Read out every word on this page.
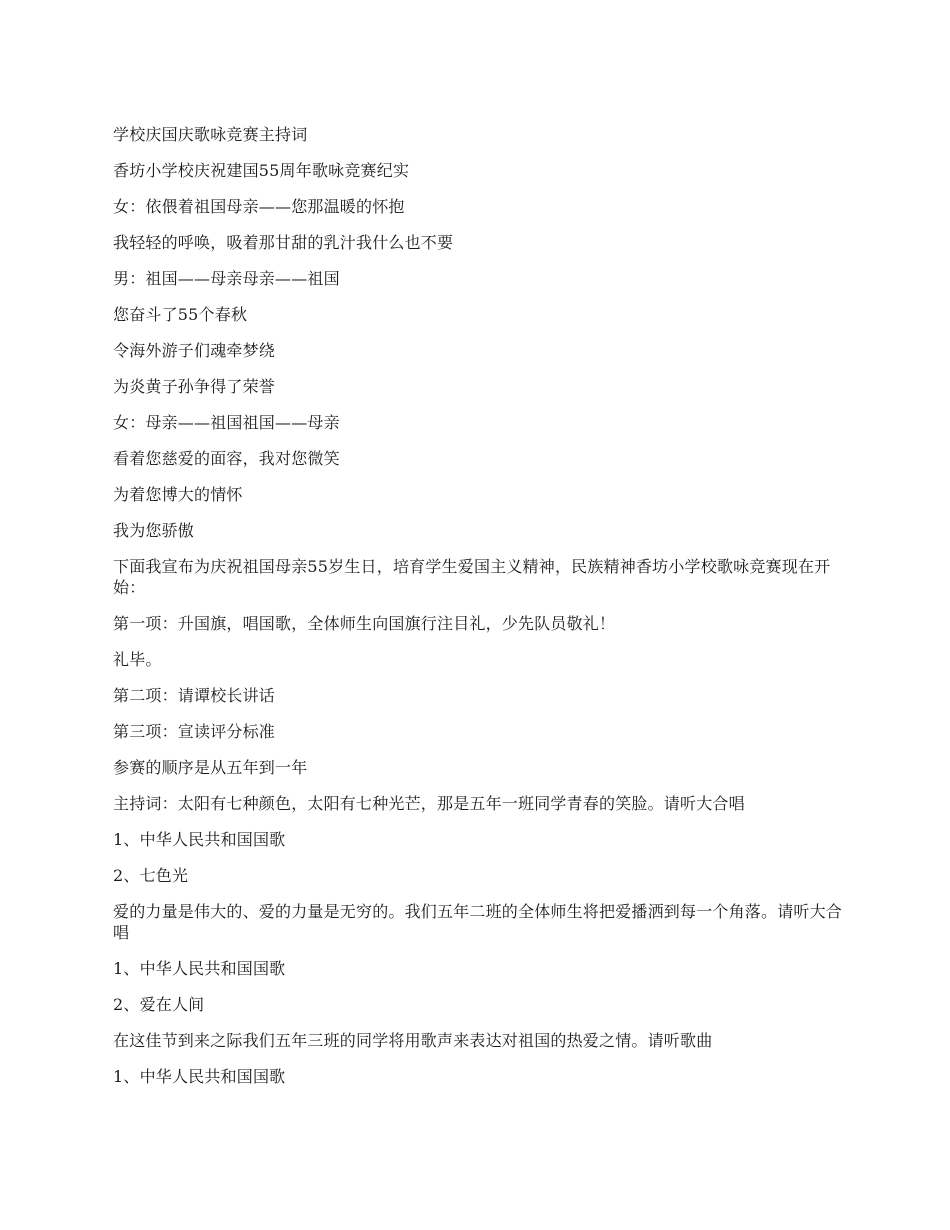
学校庆国庆歌咏竞赛主持词

香坊小学校庆祝建国55周年歌咏竞赛纪实

女：依偎着祖国母亲——您那温暖的怀抱

我轻轻的呼唤，吸着那甘甜的乳汁我什么也不要

男：祖国——母亲母亲——祖国

您奋斗了55个春秋

令海外游子们魂牵梦绕

为炎黄子孙争得了荣誉

女：母亲——祖国祖国——母亲

看着您慈爱的面容，我对您微笑

为着您博大的情怀

我为您骄傲

下面我宣布为庆祝祖国母亲55岁生日，培育学生爱国主义精神，民族精神香坊小学校歌咏竞赛现在开始：

第一项：升国旗，唱国歌，全体师生向国旗行注目礼，少先队员敬礼！

礼毕。

第二项：请谭校长讲话

第三项：宣读评分标准

参赛的顺序是从五年到一年

主持词：太阳有七种颜色，太阳有七种光芒，那是五年一班同学青春的笑脸。请听大合唱

1、中华人民共和国国歌

2、七色光

爱的力量是伟大的、爱的力量是无穷的。我们五年二班的全体师生将把爱播洒到每一个角落。请听大合唱

1、中华人民共和国国歌

2、爱在人间

在这佳节到来之际我们五年三班的同学将用歌声来表达对祖国的热爱之情。请听歌曲

1、中华人民共和国国歌
